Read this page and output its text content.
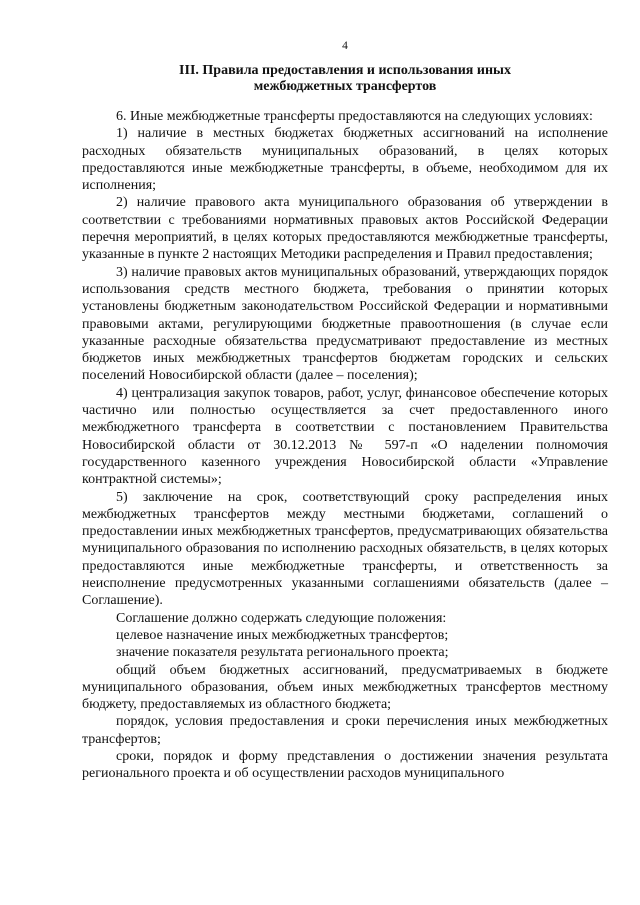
4
III. Правила предоставления и использования иных
межбюджетных трансфертов

6. Иные межбюджетные трансферты предоставляются на следующих условиях:

1) наличие в местных бюджетах бюджетных ассигнований на исполнение расходных обязательств муниципальных образований, в целях которых предоставляются иные межбюджетные трансферты, в объеме, необходимом для их исполнения;

2) наличие правового акта муниципального образования об утверждении в соответствии с требованиями нормативных правовых актов Российской Федерации перечня мероприятий, в целях которых предоставляются межбюджетные трансферты, указанные в пункте 2 настоящих Методики распределения и Правил предоставления;

3) наличие правовых актов муниципальных образований, утверждающих порядок использования средств местного бюджета, требования о принятии которых установлены бюджетным законодательством Российской Федерации и нормативными правовыми актами, регулирующими бюджетные правоотношения (в случае если указанные расходные обязательства предусматривают предоставление из местных бюджетов иных межбюджетных трансфертов бюджетам городских и сельских поселений Новосибирской области (далее – поселения);

4) централизация закупок товаров, работ, услуг, финансовое обеспечение которых частично или полностью осуществляется за счет предоставленного иного межбюджетного трансферта в соответствии с постановлением Правительства Новосибирской области от 30.12.2013 № 597-п «О наделении полномочия государственного казенного учреждения Новосибирской области «Управление контрактной системы»;

5) заключение на срок, соответствующий сроку распределения иных межбюджетных трансфертов между местными бюджетами, соглашений о предоставлении иных межбюджетных трансфертов, предусматривающих обязательства муниципального образования по исполнению расходных обязательств, в целях которых предоставляются иные межбюджетные трансферты, и ответственность за неисполнение предусмотренных указанными соглашениями обязательств (далее – Соглашение).

Соглашение должно содержать следующие положения:

целевое назначение иных межбюджетных трансфертов;

значение показателя результата регионального проекта;

общий объем бюджетных ассигнований, предусматриваемых в бюджете муниципального образования, объем иных межбюджетных трансфертов местному бюджету, предоставляемых из областного бюджета;

порядок, условия предоставления и сроки перечисления иных межбюджетных трансфертов;

сроки, порядок и форму представления о достижении значения результата регионального проекта и об осуществлении расходов муниципального
